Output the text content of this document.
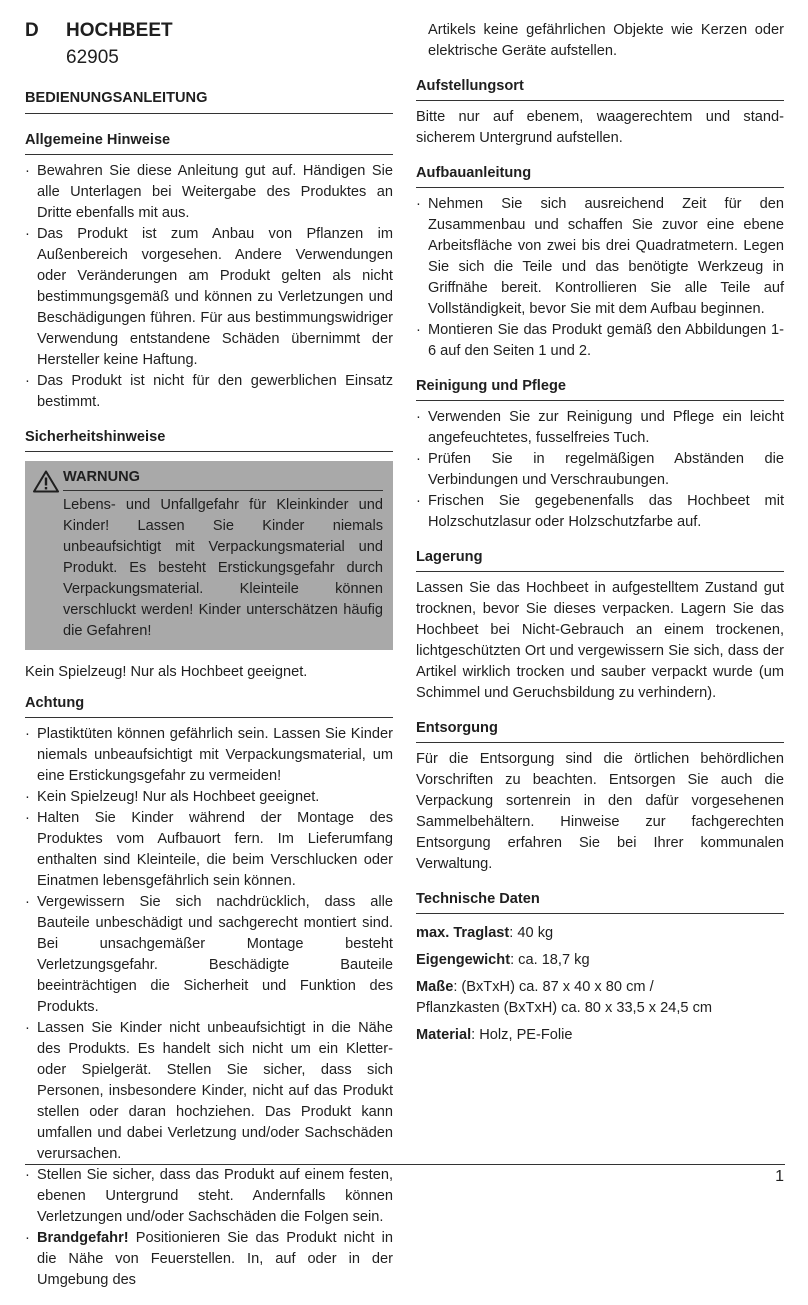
D HOCHBEET
62905
BEDIENUNGSANLEITUNG
Allgemeine Hinweise
· Bewahren Sie diese Anleitung gut auf. Händigen Sie alle Unterlagen bei Weitergabe des Produktes an Dritte ebenfalls mit aus.
· Das Produkt ist zum Anbau von Pflanzen im Außenbereich vorgesehen. Andere Verwendungen oder Veränderungen am Produkt gelten als nicht bestimmungsgemäß und können zu Verletzungen und Beschädigungen führen. Für aus bestimmungswidriger Verwendung entstandene Schäden übernimmt der Hersteller keine Haftung.
· Das Produkt ist nicht für den gewerblichen Einsatz bestimmt.
Sicherheitshinweise
WARNUNG

Lebens- und Unfallgefahr für Kleinkinder und Kinder! Lassen Sie Kinder niemals unbeaufsichtigt mit Verpackungsmaterial und Produkt. Es besteht Erstickungsgefahr durch Verpackungsmaterial. Kleinteile können verschluckt werden! Kinder unterschätzen häufig die Gefahren!

Kein Spielzeug! Nur als Hochbeet geeignet.

Achtung
· Plastiktüten können gefährlich sein. Lassen Sie Kinder niemals unbeaufsichtigt mit Verpackungsmaterial, um eine Erstickungsgefahr zu vermeiden!
· Kein Spielzeug! Nur als Hochbeet geeignet.
· Halten Sie Kinder während der Montage des Produktes vom Aufbauort fern. Im Lieferumfang enthalten sind Kleinteile, die beim Verschlucken oder Einatmen lebensgefährlich sein können.
· Vergewissern Sie sich nachdrücklich, dass alle Bauteile unbeschädigt und sachgerecht montiert sind. Bei unsachgemäßer Montage besteht Verletzungsgefahr. Beschädigte Bauteile beeinträchtigen die Sicherheit und Funktion des Produkts.
· Lassen Sie Kinder nicht unbeaufsichtigt in die Nähe des Produkts. Es handelt sich nicht um ein Kletter- oder Spielgerät. Stellen Sie sicher, dass sich Personen, insbesondere Kinder, nicht auf das Produkt stellen oder daran hochziehen. Das Produkt kann umfallen und dabei Verletzung und/oder Sachschäden verursachen.
· Stellen Sie sicher, dass das Produkt auf einem festen, ebenen Untergrund steht. Andernfalls können Verletzungen und/oder Sachschäden die Folgen sein.
· Brandgefahr! Positionieren Sie das Produkt nicht in die Nähe von Feuerstellen. In, auf oder in der Umgebung des

Artikels keine gefährlichen Objekte wie Kerzen oder elektrische Geräte aufstellen.

Aufstellungsort

Bitte nur auf ebenem, waagerechtem und stand-sicherem Untergrund aufstellen.

Aufbauanleitung
· Nehmen Sie sich ausreichend Zeit für den Zusammenbau und schaffen Sie zuvor eine ebene Arbeitsfläche von zwei bis drei Quadratmetern. Legen Sie sich die Teile und das benötigte Werkzeug in Griffnähe bereit. Kontrollieren Sie alle Teile auf Vollständigkeit, bevor Sie mit dem Aufbau beginnen.
· Montieren Sie das Produkt gemäß den Abbildungen 1-6 auf den Seiten 1 und 2.
Reinigung und Pflege
· Verwenden Sie zur Reinigung und Pflege ein leicht angefeuchtetes, fusselfreies Tuch.
· Prüfen Sie in regelmäßigen Abständen die Verbindungen und Verschraubungen.
· Frischen Sie gegebenenfalls das Hochbeet mit Holzschutzlasur oder Holzschutzfarbe auf.
Lagerung

Lassen Sie das Hochbeet in aufgestelltem Zustand gut trocknen, bevor Sie dieses verpacken. Lagern Sie das Hochbeet bei Nicht-Gebrauch an einem trockenen, lichtgeschützten Ort und vergewissern Sie sich, dass der Artikel wirklich trocken und sauber verpackt wurde (um Schimmel und Geruchsbildung zu verhindern).

Entsorgung

Für die Entsorgung sind die örtlichen behördlichen Vorschriften zu beachten. Entsorgen Sie auch die Verpackung sortenrein in den dafür vorgesehenen Sammelbehältern. Hinweise zur fachgerechten Entsorgung erfahren Sie bei Ihrer kommunalen Verwaltung.

Technische Daten

max. Traglast: 40 kg

Eigengewicht: ca. 18,7 kg

Maße: (BxTxH) ca. 87 x 40 x 80 cm /
Pflanzkasten (BxTxH) ca. 80 x 33,5 x 24,5 cm

Material: Holz, PE-Folie

1
